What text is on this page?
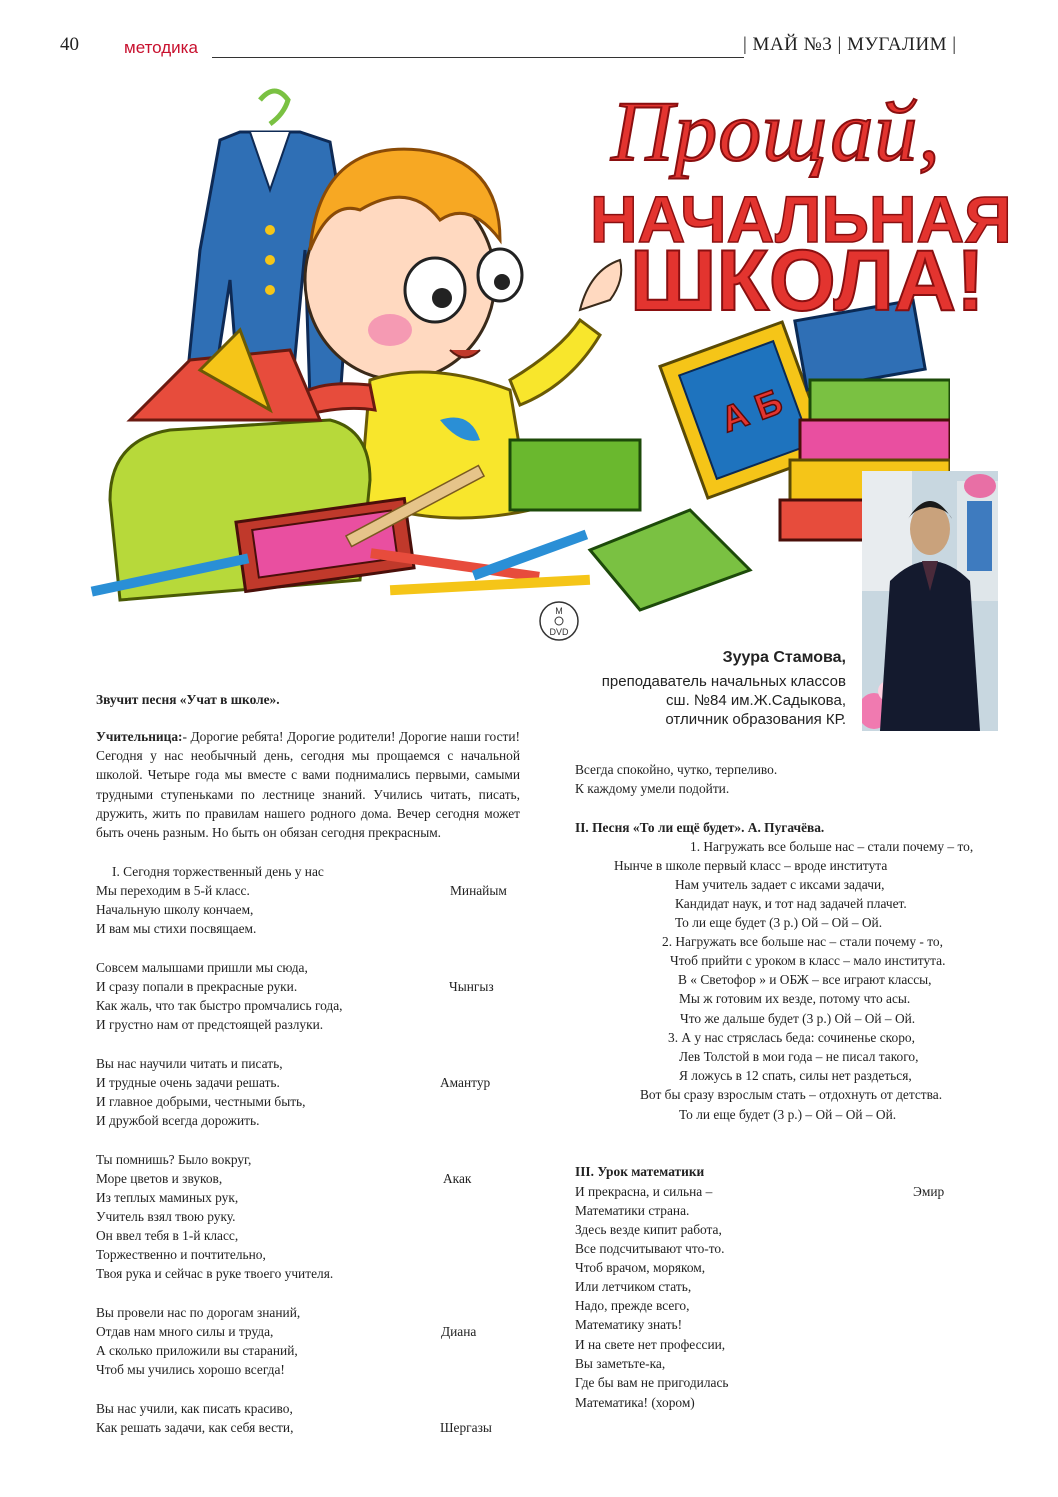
40	методика	| МАЙ №3 | МУГАЛИМ |
А Б
Прощай,
НАЧАЛЬНАЯ
ШКОЛА!
M
DVD
Зуура Стамова,
преподаватель начальных классов
сш. №84 им.Ж.Садыкова,
отличник образования КР.
Звучит песня «Учат в школе».
Учительница:- Дорогие ребята! Дорогие родители! Дорогие наши гости! Сегодня у нас необычный день, сегодня мы прощаемся с начальной школой. Четыре года мы вместе с вами поднимались первыми, самыми трудными ступеньками по лестнице знаний. Учились читать, писать, дружить, жить по правилам нашего родного дома. Вечер сегодня может быть очень разным. Но быть он обязан сегодня прекрасным.
I. Сегодня торжественный день у нас
Мы переходим в 5-й класс.
Начальную школу кончаем,
И вам мы стихи посвящаем.
Минайым
Совсем малышами пришли мы сюда,
И сразу попали в прекрасные руки.
Как жаль, что так быстро промчались года,
И грустно нам от предстоящей разлуки.
Чынгыз
Вы нас научили читать и писать,
И трудные очень задачи решать.
И главное добрыми, честными быть,
И дружбой всегда дорожить.
Амантур
Ты помнишь? Было вокруг,
Море цветов и звуков,
Из теплых маминых рук,
Учитель взял твою руку.
Он ввел тебя в 1-й класс,
Торжественно и почтительно,
Твоя рука и сейчас в руке твоего учителя.
Акак
Вы провели нас по дорогам знаний,
Отдав нам много силы и труда,
А сколько приложили вы стараний,
Чтоб мы учились хорошо всегда!
Диана
Вы нас учили, как писать красиво,
Как решать задачи, как себя вести,	Шергазы
Всегда спокойно, чутко, терпеливо.
К каждому умели подойти.
II. Песня «То ли ещё будет». А. Пугачёва.
1. Нагружать все больше нас – стали почему – то,
Нынче в школе первый класс – вроде института
Нам учитель задает с иксами задачи,
Кандидат наук, и тот над задачей плачет.
То ли еще будет (3 р.) Ой – Ой – Ой.
2. Нагружать все больше нас – стали почему - то,
Чтоб прийти с уроком в класс – мало института.
В « Светофор » и ОБЖ – все играют классы,
Мы ж готовим их везде, потому что асы.
Что же дальше будет (3 р.) Ой – Ой – Ой.
3. А у нас стряслась беда: сочиненье скоро,
Лев Толстой в мои года – не писал такого,
Я ложусь в 12 спать, силы нет раздеться,
Вот бы сразу взрослым стать – отдохнуть от детства.
То ли еще будет (3 р.) – Ой – Ой – Ой.
III. Урок математики
Эмир
И прекрасна, и сильна –
Математики страна.
Здесь везде кипит работа,
Все подсчитывают что-то.
Чтоб врачом, моряком,
Или летчиком стать,
Надо, прежде всего,
Математику знать!
И на свете нет профессии,
Вы заметьте-ка,
Где бы вам не пригодилась
Математика! (хором)
